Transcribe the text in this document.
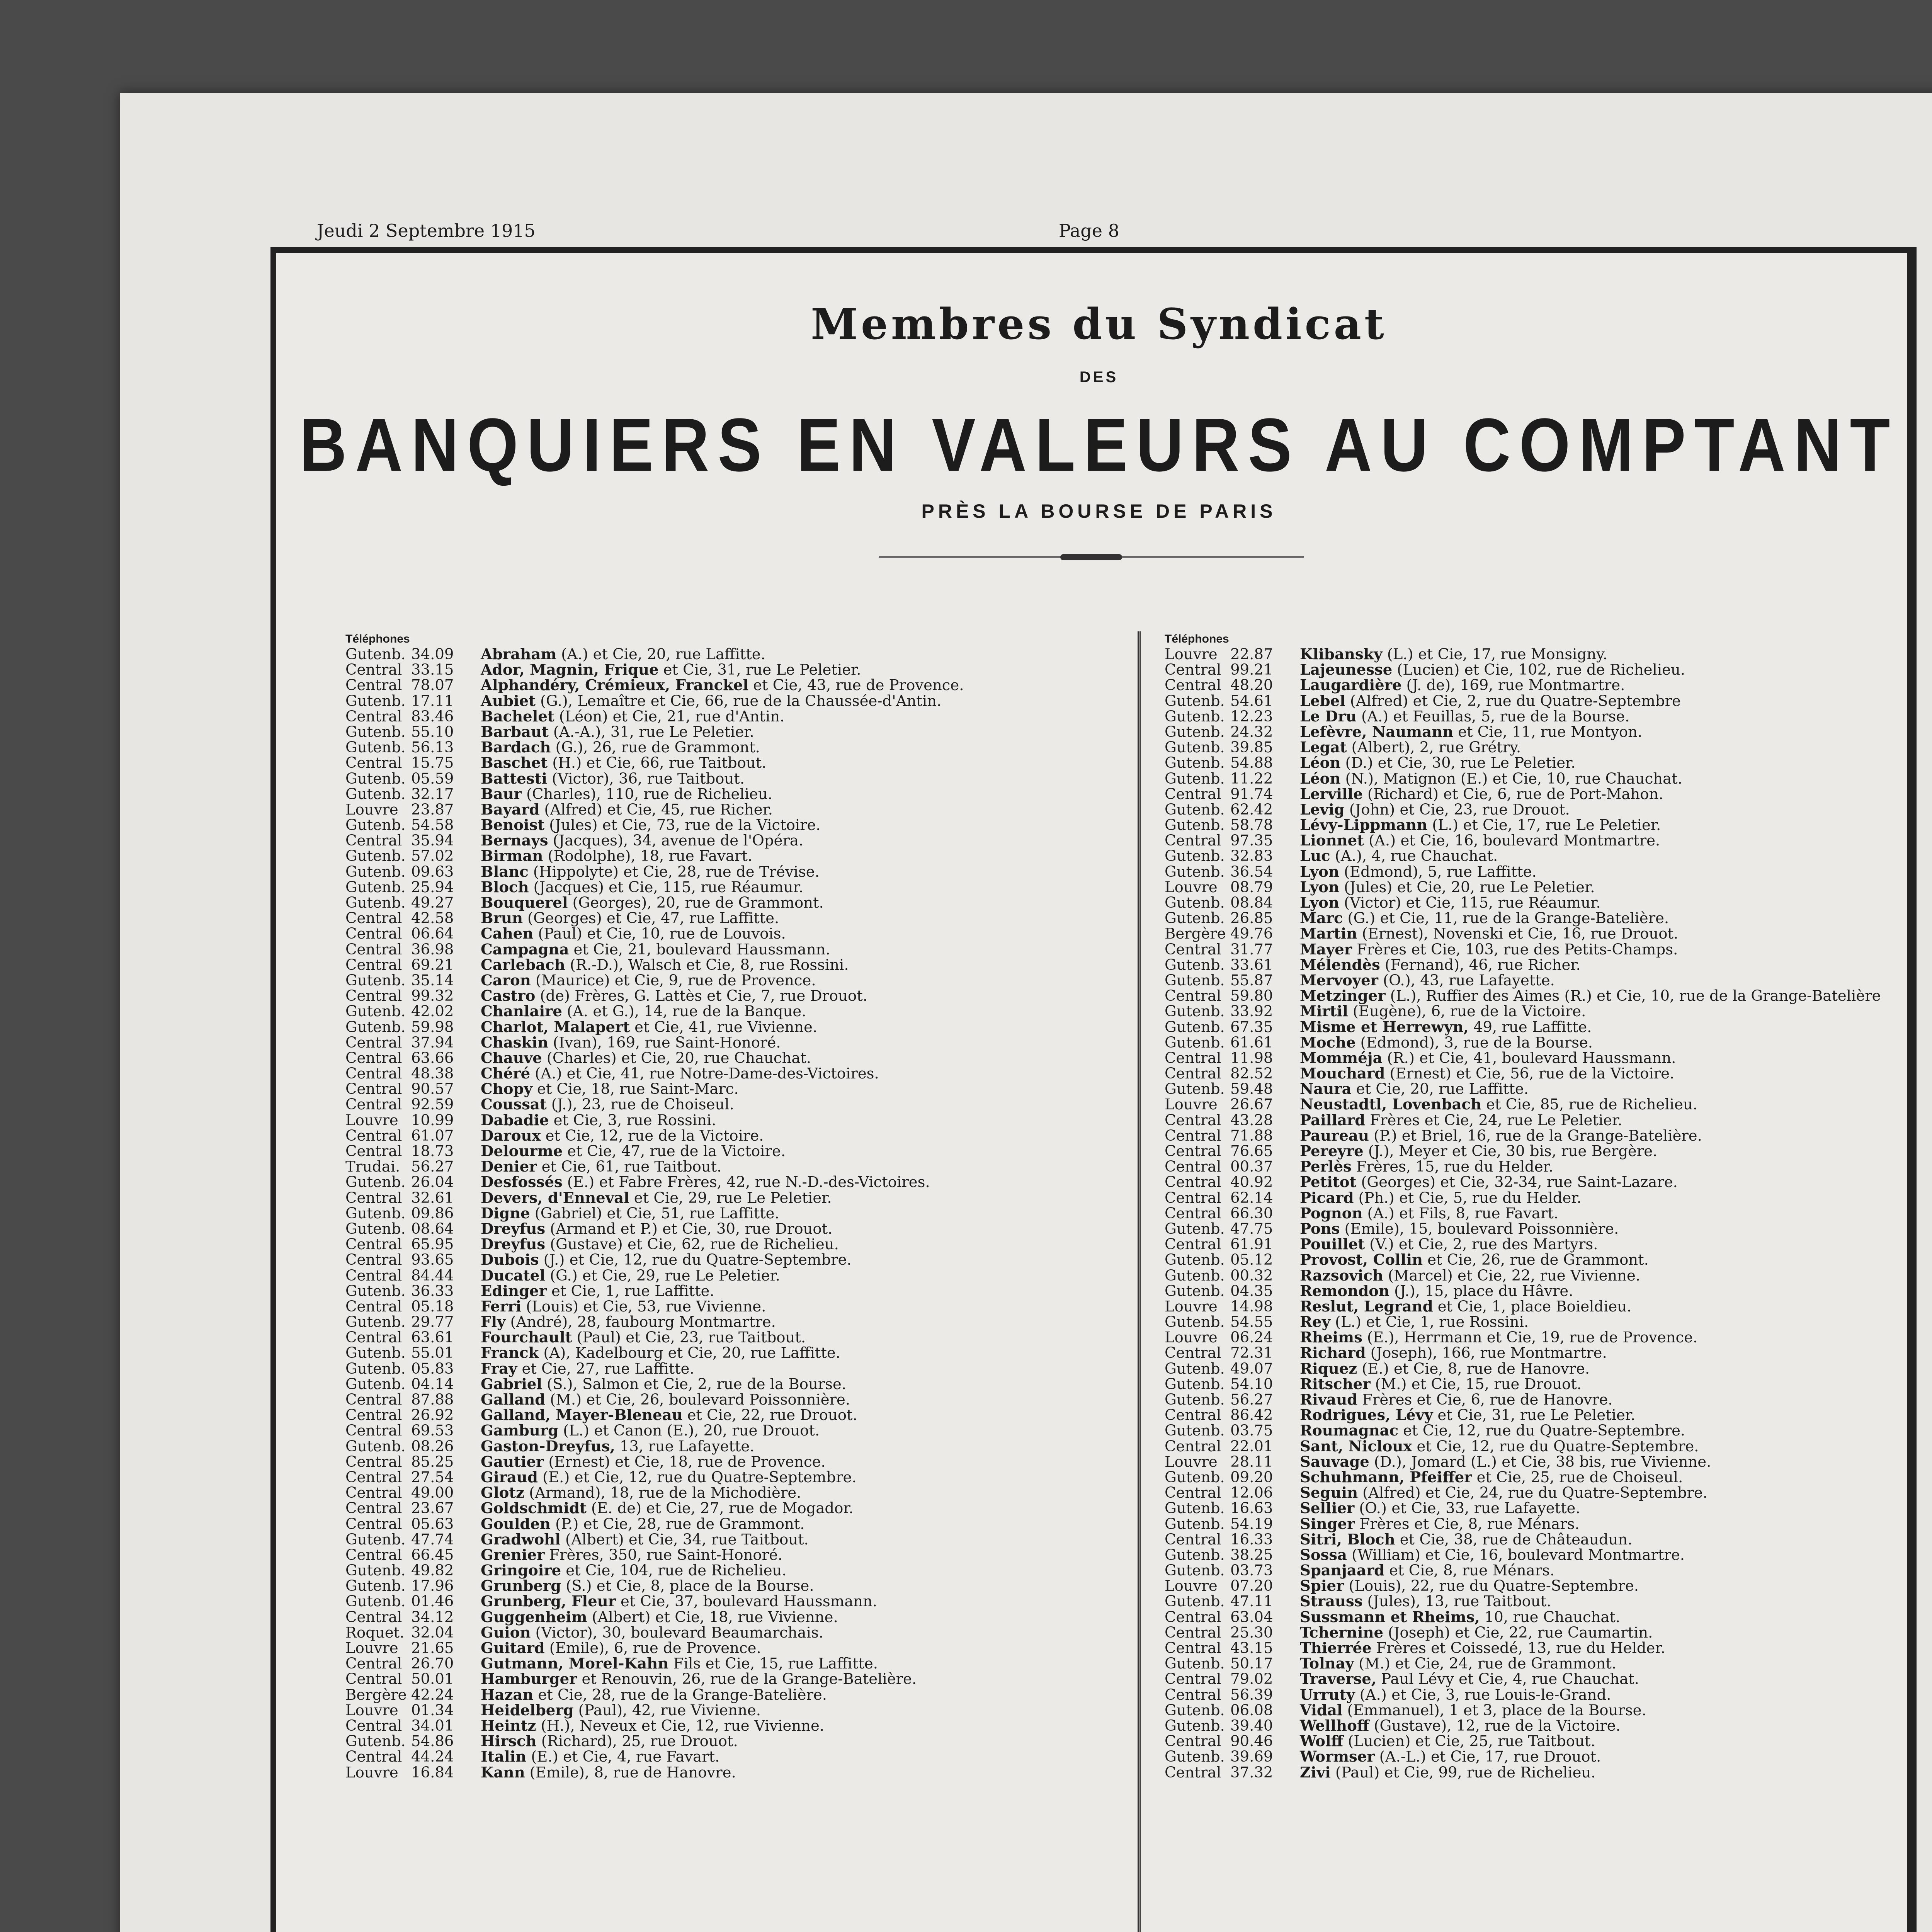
Jeudi 2 Septembre 1915	Page 8
Membres du Syndicat
DES
BANQUIERS EN VALEURS AU COMPTANT
PRÈS LA BOURSE DE PARIS
Téléphones
Gutenb. 34.09	Abraham (A.) et Cie, 20, rue Laffitte.
Central 33.15	Ador, Magnin, Frique et Cie, 31, rue Le Peletier.
Central 78.07	Alphandéry, Crémieux, Franckel et Cie, 43, rue de Provence.
Gutenb. 17.11	Aubiet (G.), Lemaître et Cie, 66, rue de la Chaussée-d'Antin.
Central 83.46	Bachelet (Léon) et Cie, 21, rue d'Antin.
Gutenb. 55.10	Barbaut (A.-A.), 31, rue Le Peletier.
Gutenb. 56.13	Bardach (G.), 26, rue de Grammont.
Central 15.75	Baschet (H.) et Cie, 66, rue Taitbout.
Gutenb. 05.59	Battesti (Victor), 36, rue Taitbout.
Gutenb. 32.17	Baur (Charles), 110, rue de Richelieu.
Louvre 23.87	Bayard (Alfred) et Cie, 45, rue Richer.
Gutenb. 54.58	Benoist (Jules) et Cie, 73, rue de la Victoire.
Central 35.94	Bernays (Jacques), 34, avenue de l'Opéra.
Gutenb. 57.02	Birman (Rodolphe), 18, rue Favart.
Gutenb. 09.63	Blanc (Hippolyte) et Cie, 28, rue de Trévise.
Gutenb. 25.94	Bloch (Jacques) et Cie, 115, rue Réaumur.
Gutenb. 49.27	Bouquerel (Georges), 20, rue de Grammont.
Central 42.58	Brun (Georges) et Cie, 47, rue Laffitte.
Central 06.64	Cahen (Paul) et Cie, 10, rue de Louvois.
Central 36.98	Campagna et Cie, 21, boulevard Haussmann.
Central 69.21	Carlebach (R.-D.), Walsch et Cie, 8, rue Rossini.
Gutenb. 35.14	Caron (Maurice) et Cie, 9, rue de Provence.
Central 99.32	Castro (de) Frères, G. Lattès et Cie, 7, rue Drouot.
Gutenb. 42.02	Chanlaire (A. et G.), 14, rue de la Banque.
Gutenb. 59.98	Charlot, Malapert et Cie, 41, rue Vivienne.
Central 37.94	Chaskin (Ivan), 169, rue Saint-Honoré.
Central 63.66	Chauve (Charles) et Cie, 20, rue Chauchat.
Central 48.38	Chéré (A.) et Cie, 41, rue Notre-Dame-des-Victoires.
Central 90.57	Chopy et Cie, 18, rue Saint-Marc.
Central 92.59	Coussat (J.), 23, rue de Choiseul.
Louvre 10.99	Dabadie et Cie, 3, rue Rossini.
Central 61.07	Daroux et Cie, 12, rue de la Victoire.
Central 18.73	Delourme et Cie, 47, rue de la Victoire.
Trudai. 56.27	Denier et Cie, 61, rue Taitbout.
Gutenb. 26.04	Desfossés (E.) et Fabre Frères, 42, rue N.-D.-des-Victoires.
Central 32.61	Devers, d'Enneval et Cie, 29, rue Le Peletier.
Gutenb. 09.86	Digne (Gabriel) et Cie, 51, rue Laffitte.
Gutenb. 08.64	Dreyfus (Armand et P.) et Cie, 30, rue Drouot.
Central 65.95	Dreyfus (Gustave) et Cie, 62, rue de Richelieu.
Central 93.65	Dubois (J.) et Cie, 12, rue du Quatre-Septembre.
Central 84.44	Ducatel (G.) et Cie, 29, rue Le Peletier.
Gutenb. 36.33	Edinger et Cie, 1, rue Laffitte.
Central 05.18	Ferri (Louis) et Cie, 53, rue Vivienne.
Gutenb. 29.77	Fly (André), 28, faubourg Montmartre.
Central 63.61	Fourchault (Paul) et Cie, 23, rue Taitbout.
Gutenb. 55.01	Franck (A), Kadelbourg et Cie, 20, rue Laffitte.
Gutenb. 05.83	Fray et Cie, 27, rue Laffitte.
Gutenb. 04.14	Gabriel (S.), Salmon et Cie, 2, rue de la Bourse.
Central 87.88	Galland (M.) et Cie, 26, boulevard Poissonnière.
Central 26.92	Galland, Mayer-Bleneau et Cie, 22, rue Drouot.
Central 69.53	Gamburg (L.) et Canon (E.), 20, rue Drouot.
Gutenb. 08.26	Gaston-Dreyfus, 13, rue Lafayette.
Central 85.25	Gautier (Ernest) et Cie, 18, rue de Provence.
Central 27.54	Giraud (E.) et Cie, 12, rue du Quatre-Septembre.
Central 49.00	Glotz (Armand), 18, rue de la Michodière.
Central 23.67	Goldschmidt (E. de) et Cie, 27, rue de Mogador.
Central 05.63	Goulden (P.) et Cie, 28, rue de Grammont.
Gutenb. 47.74	Gradwohl (Albert) et Cie, 34, rue Taitbout.
Central 66.45	Grenier Frères, 350, rue Saint-Honoré.
Gutenb. 49.82	Gringoire et Cie, 104, rue de Richelieu.
Gutenb. 17.96	Grunberg (S.) et Cie, 8, place de la Bourse.
Gutenb. 01.46	Grunberg, Fleur et Cie, 37, boulevard Haussmann.
Central 34.12	Guggenheim (Albert) et Cie, 18, rue Vivienne.
Roquet. 32.04	Guion (Victor), 30, boulevard Beaumarchais.
Louvre 21.65	Guitard (Emile), 6, rue de Provence.
Central 26.70	Gutmann, Morel-Kahn Fils et Cie, 15, rue Laffitte.
Central 50.01	Hamburger et Renouvin, 26, rue de la Grange-Batelière.
Bergère 42.24	Hazan et Cie, 28, rue de la Grange-Batelière.
Louvre 01.34	Heidelberg (Paul), 42, rue Vivienne.
Central 34.01	Heintz (H.), Neveux et Cie, 12, rue Vivienne.
Gutenb. 54.86	Hirsch (Richard), 25, rue Drouot.
Central 44.24	Italin (E.) et Cie, 4, rue Favart.
Louvre 16.84	Kann (Emile), 8, rue de Hanovre.
Téléphones
Louvre 22.87	Klibansky (L.) et Cie, 17, rue Monsigny.
Central 99.21	Lajeunesse (Lucien) et Cie, 102, rue de Richelieu.
Central 48.20	Laugardière (J. de), 169, rue Montmartre.
Gutenb. 54.61	Lebel (Alfred) et Cie, 2, rue du Quatre-Septembre
Gutenb. 12.23	Le Dru (A.) et Feuillas, 5, rue de la Bourse.
Gutenb. 24.32	Lefèvre, Naumann et Cie, 11, rue Montyon.
Gutenb. 39.85	Legat (Albert), 2, rue Grétry.
Gutenb. 54.88	Léon (D.) et Cie, 30, rue Le Peletier.
Gutenb. 11.22	Léon (N.), Matignon (E.) et Cie, 10, rue Chauchat.
Central 91.74	Lerville (Richard) et Cie, 6, rue de Port-Mahon.
Gutenb. 62.42	Levig (John) et Cie, 23, rue Drouot.
Gutenb. 58.78	Lévy-Lippmann (L.) et Cie, 17, rue Le Peletier.
Central 97.35	Lionnet (A.) et Cie, 16, boulevard Montmartre.
Gutenb. 32.83	Luc (A.), 4, rue Chauchat.
Gutenb. 36.54	Lyon (Edmond), 5, rue Laffitte.
Louvre 08.79	Lyon (Jules) et Cie, 20, rue Le Peletier.
Gutenb. 08.84	Lyon (Victor) et Cie, 115, rue Réaumur.
Gutenb. 26.85	Marc (G.) et Cie, 11, rue de la Grange-Batelière.
Bergère 49.76	Martin (Ernest), Novenski et Cie, 16, rue Drouot.
Central 31.77	Mayer Frères et Cie, 103, rue des Petits-Champs.
Gutenb. 33.61	Mélendès (Fernand), 46, rue Richer.
Gutenb. 55.87	Mervoyer (O.), 43, rue Lafayette.
Central 59.80	Metzinger (L.), Ruffier des Aimes (R.) et Cie, 10, rue de la Grange-Batelière
Gutenb. 33.92	Mirtil (Eugène), 6, rue de la Victoire.
Gutenb. 67.35	Misme et Herrewyn, 49, rue Laffitte.
Gutenb. 61.61	Moche (Edmond), 3, rue de la Bourse.
Central 11.98	Momméja (R.) et Cie, 41, boulevard Haussmann.
Central 82.52	Mouchard (Ernest) et Cie, 56, rue de la Victoire.
Gutenb. 59.48	Naura et Cie, 20, rue Laffitte.
Louvre 26.67	Neustadtl, Lovenbach et Cie, 85, rue de Richelieu.
Central 43.28	Paillard Frères et Cie, 24, rue Le Peletier.
Central 71.88	Paureau (P.) et Briel, 16, rue de la Grange-Batelière.
Central 76.65	Pereyre (J.), Meyer et Cie, 30 bis, rue Bergère.
Central 00.37	Perlès Frères, 15, rue du Helder.
Central 40.92	Petitot (Georges) et Cie, 32-34, rue Saint-Lazare.
Central 62.14	Picard (Ph.) et Cie, 5, rue du Helder.
Central 66.30	Pognon (A.) et Fils, 8, rue Favart.
Gutenb. 47.75	Pons (Emile), 15, boulevard Poissonnière.
Central 61.91	Pouillet (V.) et Cie, 2, rue des Martyrs.
Gutenb. 05.12	Provost, Collin et Cie, 26, rue de Grammont.
Gutenb. 00.32	Razsovich (Marcel) et Cie, 22, rue Vivienne.
Gutenb. 04.35	Remondon (J.), 15, place du Hâvre.
Louvre 14.98	Reslut, Legrand et Cie, 1, place Boieldieu.
Gutenb. 54.55	Rey (L.) et Cie, 1, rue Rossini.
Louvre 06.24	Rheims (E.), Herrmann et Cie, 19, rue de Provence.
Central 72.31	Richard (Joseph), 166, rue Montmartre.
Gutenb. 49.07	Riquez (E.) et Cie, 8, rue de Hanovre.
Gutenb. 54.10	Ritscher (M.) et Cie, 15, rue Drouot.
Gutenb. 56.27	Rivaud Frères et Cie, 6, rue de Hanovre.
Central 86.42	Rodrigues, Lévy et Cie, 31, rue Le Peletier.
Gutenb. 03.75	Roumagnac et Cie, 12, rue du Quatre-Septembre.
Central 22.01	Sant, Nicloux et Cie, 12, rue du Quatre-Septembre.
Louvre 28.11	Sauvage (D.), Jomard (L.) et Cie, 38 bis, rue Vivienne.
Gutenb. 09.20	Schuhmann, Pfeiffer et Cie, 25, rue de Choiseul.
Central 12.06	Seguin (Alfred) et Cie, 24, rue du Quatre-Septembre.
Gutenb. 16.63	Sellier (O.) et Cie, 33, rue Lafayette.
Gutenb. 54.19	Singer Frères et Cie, 8, rue Ménars.
Central 16.33	Sitri, Bloch et Cie, 38, rue de Châteaudun.
Gutenb. 38.25	Sossa (William) et Cie, 16, boulevard Montmartre.
Gutenb. 03.73	Spanjaard et Cie, 8, rue Ménars.
Louvre 07.20	Spier (Louis), 22, rue du Quatre-Septembre.
Gutenb. 47.11	Strauss (Jules), 13, rue Taitbout.
Central 63.04	Sussmann et Rheims, 10, rue Chauchat.
Central 25.30	Tchernine (Joseph) et Cie, 22, rue Caumartin.
Central 43.15	Thierrée Frères et Coissedé, 13, rue du Helder.
Gutenb. 50.17	Tolnay (M.) et Cie, 24, rue de Grammont.
Central 79.02	Traverse, Paul Lévy et Cie, 4, rue Chauchat.
Central 56.39	Urruty (A.) et Cie, 3, rue Louis-le-Grand.
Gutenb. 06.08	Vidal (Emmanuel), 1 et 3, place de la Bourse.
Gutenb. 39.40	Wellhoff (Gustave), 12, rue de la Victoire.
Central 90.46	Wolff (Lucien) et Cie, 25, rue Taitbout.
Gutenb. 39.69	Wormser (A.-L.) et Cie, 17, rue Drouot.
Central 37.32	Zivi (Paul) et Cie, 99, rue de Richelieu.
